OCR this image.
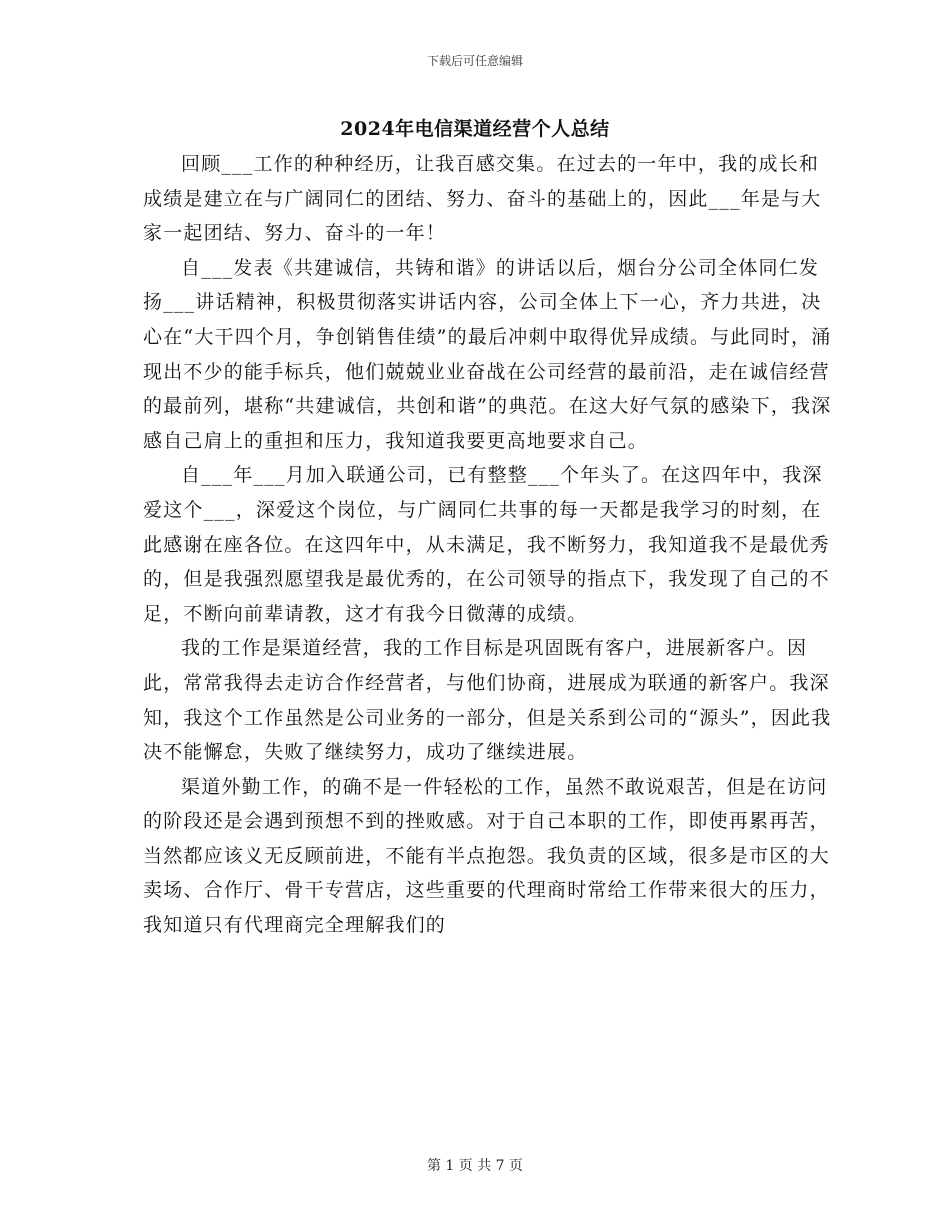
下载后可任意编辑
2024年电信渠道经营个人总结

回顾___工作的种种经历，让我百感交集。在过去的一年中，我的成长和成绩是建立在与广阔同仁的团结、努力、奋斗的基础上的，因此___年是与大家一起团结、努力、奋斗的一年！

自___发表《共建诚信，共铸和谐》的讲话以后，烟台分公司全体同仁发扬___讲话精神，积极贯彻落实讲话内容，公司全体上下一心，齐力共进，决心在“大干四个月，争创销售佳绩”的最后冲刺中取得优异成绩。与此同时，涌现出不少的能手标兵，他们兢兢业业奋战在公司经营的最前沿，走在诚信经营的最前列，堪称“共建诚信，共创和谐”的典范。在这大好气氛的感染下，我深感自己肩上的重担和压力，我知道我要更高地要求自己。

自___年___月加入联通公司，已有整整___个年头了。在这四年中，我深爱这个___，深爱这个岗位，与广阔同仁共事的每一天都是我学习的时刻，在此感谢在座各位。在这四年中，从未满足，我不断努力，我知道我不是最优秀的，但是我强烈愿望我是最优秀的，在公司领导的指点下，我发现了自己的不足，不断向前辈请教，这才有我今日微薄的成绩。

我的工作是渠道经营，我的工作目标是巩固既有客户，进展新客户。因此，常常我得去走访合作经营者，与他们协商，进展成为联通的新客户。我深知，我这个工作虽然是公司业务的一部分，但是关系到公司的“源头”，因此我决不能懈怠，失败了继续努力，成功了继续进展。

渠道外勤工作，的确不是一件轻松的工作，虽然不敢说艰苦，但是在访问的阶段还是会遇到预想不到的挫败感。对于自己本职的工作，即使再累再苦，当然都应该义无反顾前进，不能有半点抱怨。我负责的区域，很多是市区的大卖场、合作厅、骨干专营店，这些重要的代理商时常给工作带来很大的压力，我知道只有代理商完全理解我们的

第 1 页 共 7 页
